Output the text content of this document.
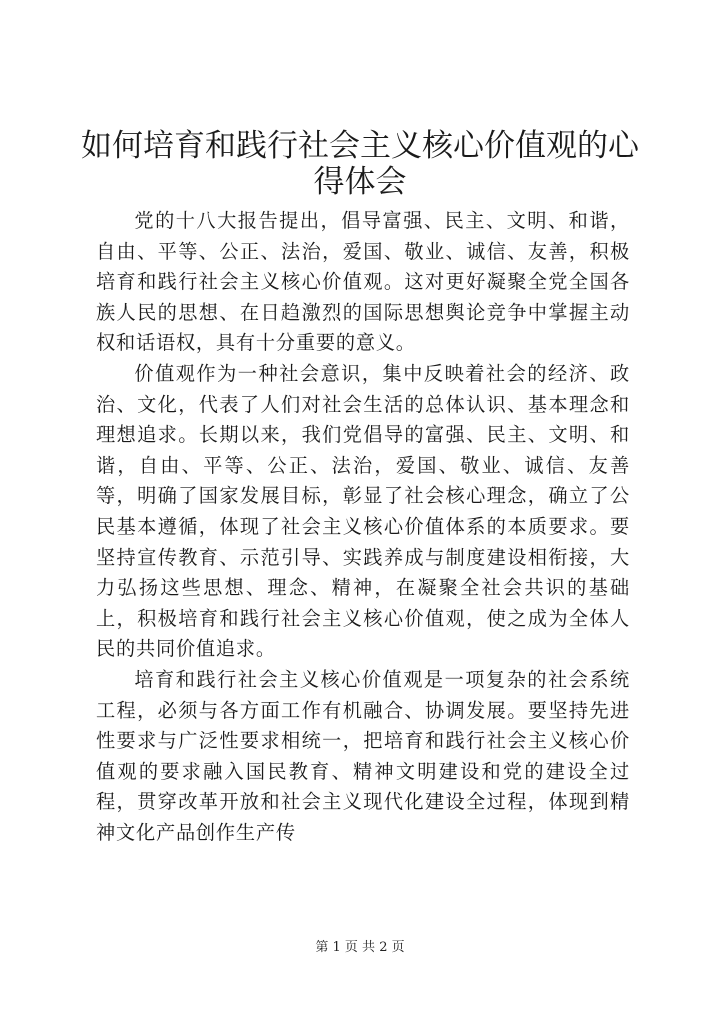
如何培育和践行社会主义核心价值观的心得体会

党的十八大报告提出，倡导富强、民主、文明、和谐，自由、平等、公正、法治，爱国、敬业、诚信、友善，积极培育和践行社会主义核心价值观。这对更好凝聚全党全国各族人民的思想、在日趋激烈的国际思想舆论竞争中掌握主动权和话语权，具有十分重要的意义。

价值观作为一种社会意识，集中反映着社会的经济、政治、文化，代表了人们对社会生活的总体认识、基本理念和理想追求。长期以来，我们党倡导的富强、民主、文明、和谐，自由、平等、公正、法治，爱国、敬业、诚信、友善等，明确了国家发展目标，彰显了社会核心理念，确立了公民基本遵循，体现了社会主义核心价值体系的本质要求。要坚持宣传教育、示范引导、实践养成与制度建设相衔接，大力弘扬这些思想、理念、精神，在凝聚全社会共识的基础上，积极培育和践行社会主义核心价值观，使之成为全体人民的共同价值追求。

培育和践行社会主义核心价值观是一项复杂的社会系统工程，必须与各方面工作有机融合、协调发展。要坚持先进性要求与广泛性要求相统一，把培育和践行社会主义核心价值观的要求融入国民教育、精神文明建设和党的建设全过程，贯穿改革开放和社会主义现代化建设全过程，体现到精神文化产品创作生产传

第 1 页 共 2 页
